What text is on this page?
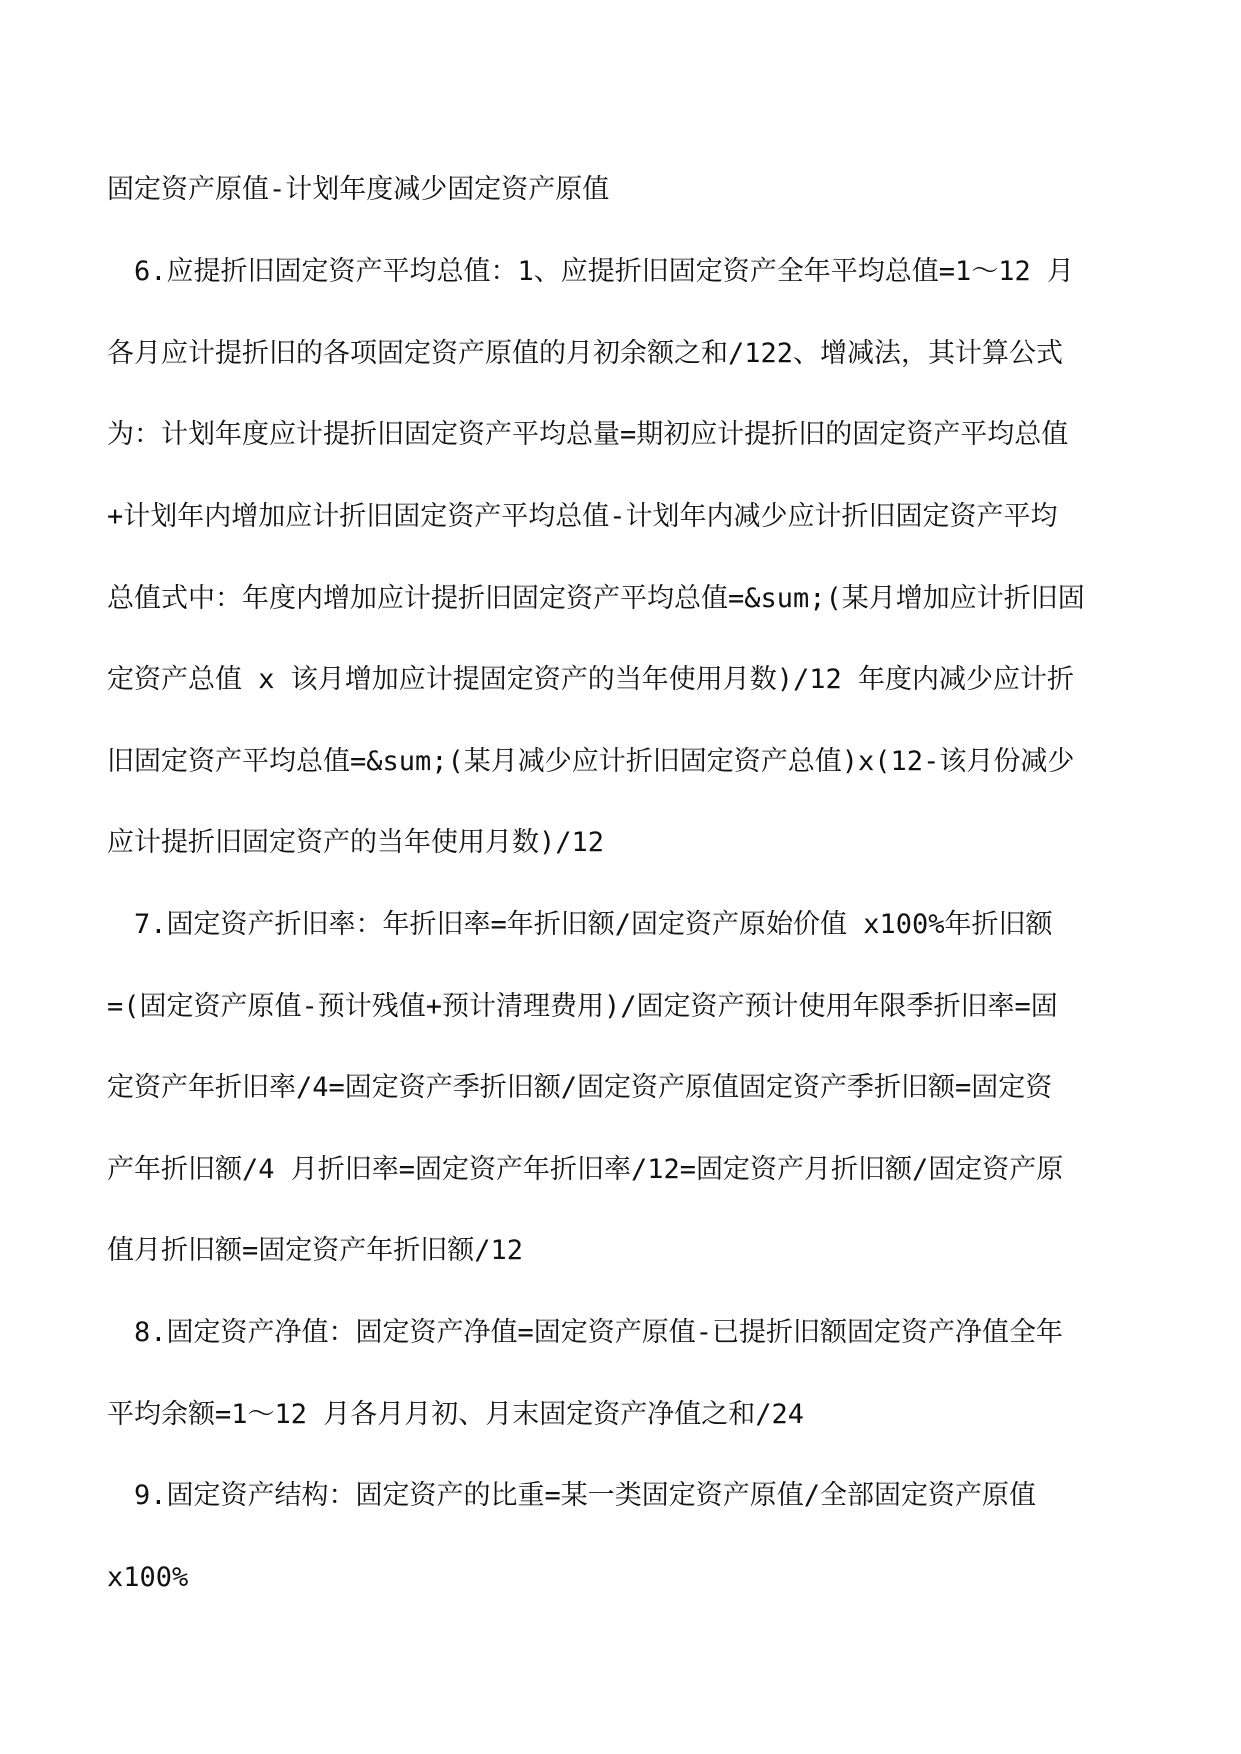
固定资产原值-计划年度减少固定资产原值
6.应提折旧固定资产平均总值：1、应提折旧固定资产全年平均总值=1～12 月
各月应计提折旧的各项固定资产原值的月初余额之和/122、增减法，其计算公式
为：计划年度应计提折旧固定资产平均总量=期初应计提折旧的固定资产平均总值
+计划年内增加应计折旧固定资产平均总值-计划年内减少应计折旧固定资产平均
总值式中：年度内增加应计提折旧固定资产平均总值=&sum;(某月增加应计折旧固
定资产总值 x 该月增加应计提固定资产的当年使用月数)/12 年度内减少应计折
旧固定资产平均总值=&sum;(某月减少应计折旧固定资产总值)x(12-该月份减少
应计提折旧固定资产的当年使用月数)/12
7.固定资产折旧率：年折旧率=年折旧额/固定资产原始价值 x100%年折旧额
=(固定资产原值-预计残值+预计清理费用)/固定资产预计使用年限季折旧率=固
定资产年折旧率/4=固定资产季折旧额/固定资产原值固定资产季折旧额=固定资
产年折旧额/4 月折旧率=固定资产年折旧率/12=固定资产月折旧额/固定资产原
值月折旧额=固定资产年折旧额/12
8.固定资产净值：固定资产净值=固定资产原值-已提折旧额固定资产净值全年
平均余额=1～12 月各月月初、月末固定资产净值之和/24
9.固定资产结构：固定资产的比重=某一类固定资产原值/全部固定资产原值
x100%
